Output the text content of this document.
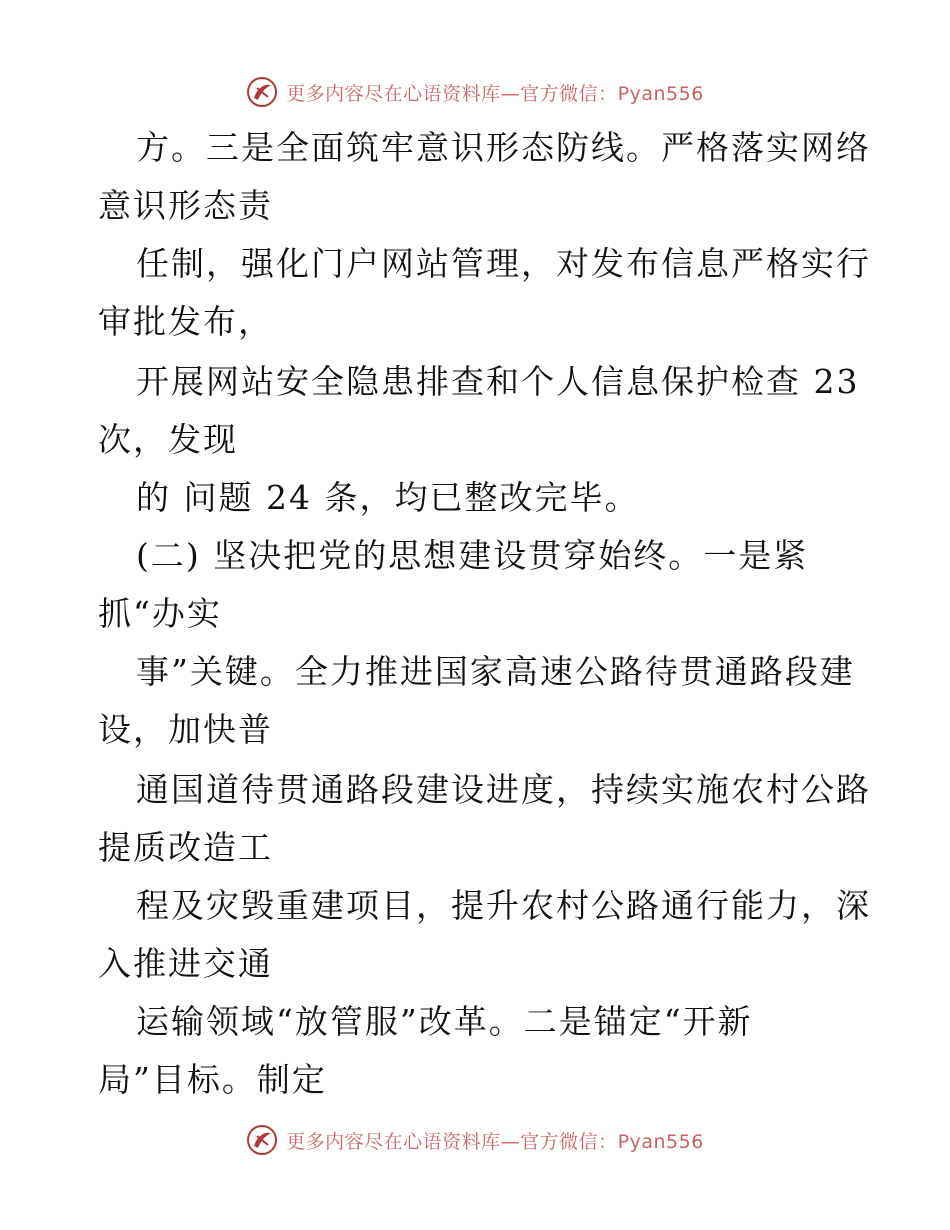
更多内容尽在心语资料库—官方微信：Pyan556
方。三是全面筑牢意识形态防线。严格落实网络
意识形态责
任制，强化门户网站管理，对发布信息严格实行
审批发布，
开展网站安全隐患排查和个人信息保护检查 23
次，发现
的 问题 24 条，均已整改完毕。
(二) 坚决把党的思想建设贯穿始终。一是紧
抓“办实
事”关键。全力推进国家高速公路待贯通路段建
设，加快普
通国道待贯通路段建设进度，持续实施农村公路
提质改造工
程及灾毁重建项目，提升农村公路通行能力，深
入推进交通
运输领域“放管服”改革。二是锚定“开新
局”目标。制定
更多内容尽在心语资料库—官方微信：Pyan556
